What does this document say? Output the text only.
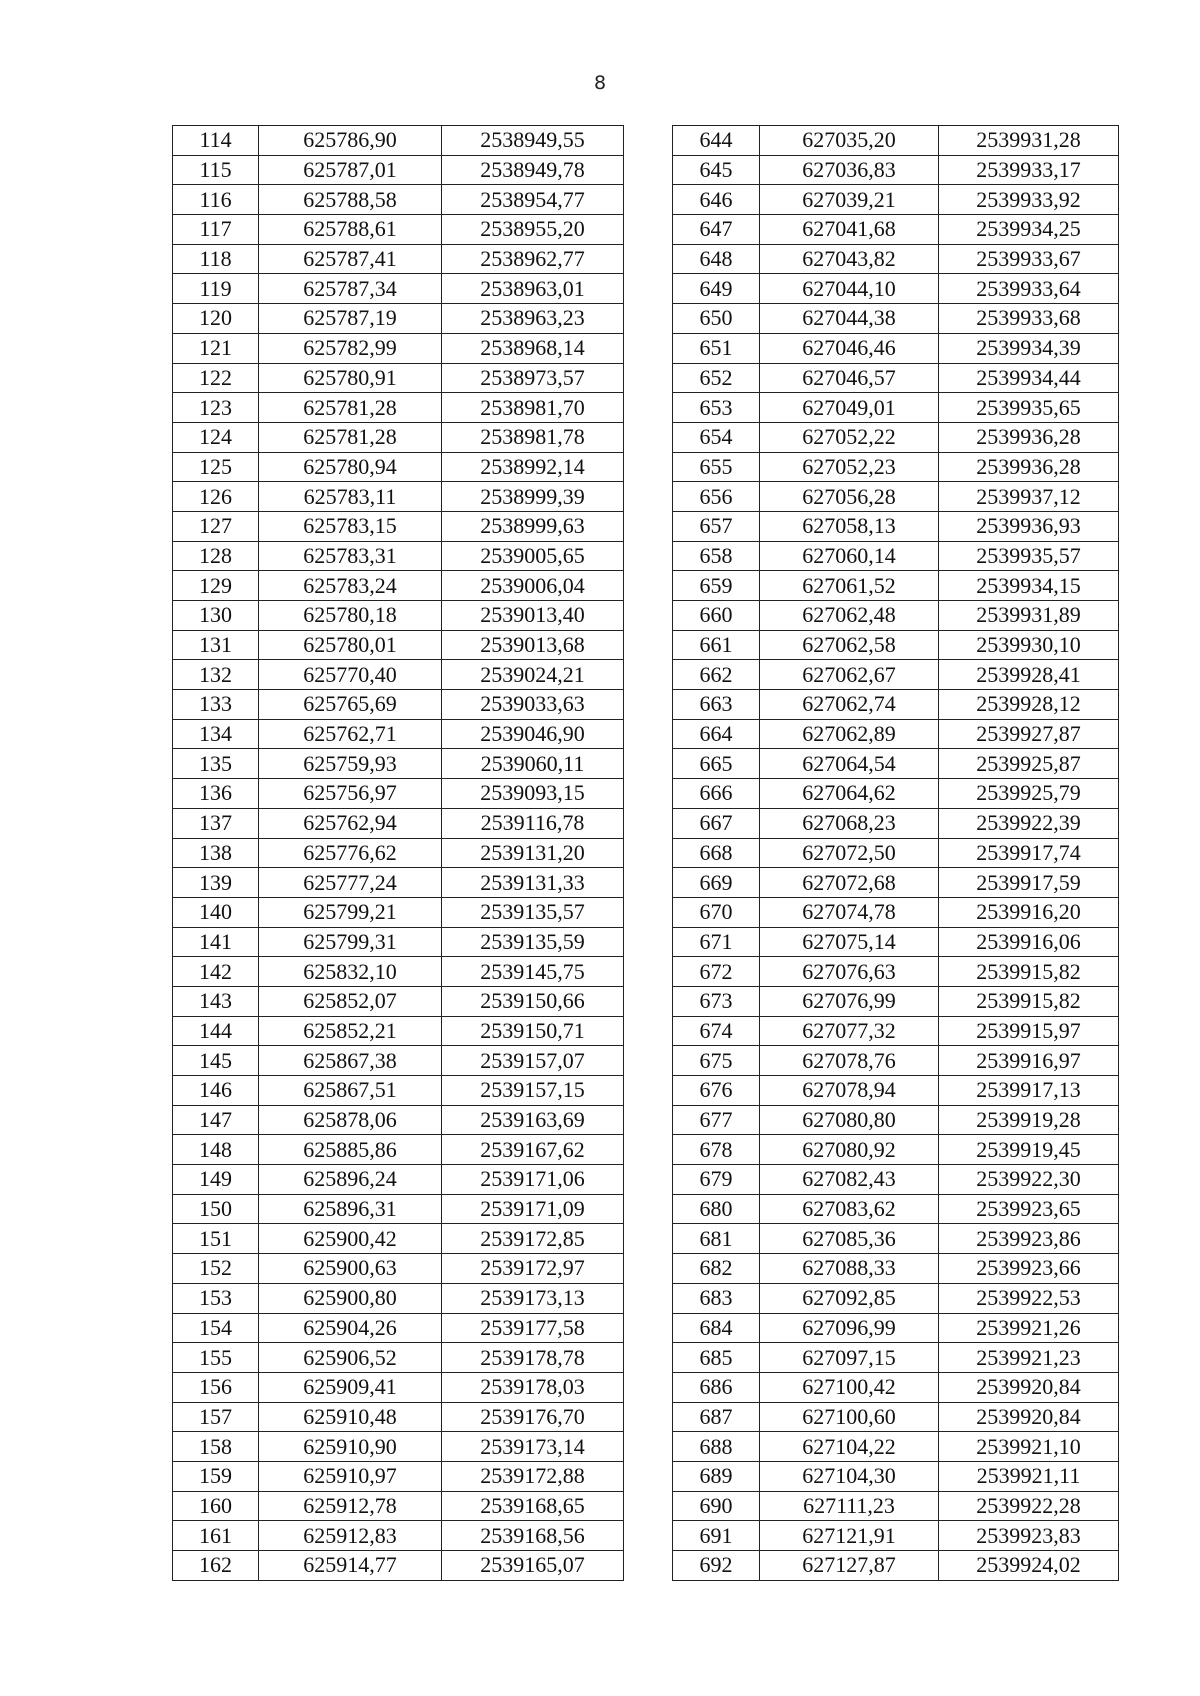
8
114	625786,90	2538949,55		644	627035,20	2539931,28
115	625787,01	2538949,78		645	627036,83	2539933,17
116	625788,58	2538954,77		646	627039,21	2539933,92
117	625788,61	2538955,20		647	627041,68	2539934,25
118	625787,41	2538962,77		648	627043,82	2539933,67
119	625787,34	2538963,01		649	627044,10	2539933,64
120	625787,19	2538963,23		650	627044,38	2539933,68
121	625782,99	2538968,14		651	627046,46	2539934,39
122	625780,91	2538973,57		652	627046,57	2539934,44
123	625781,28	2538981,70		653	627049,01	2539935,65
124	625781,28	2538981,78		654	627052,22	2539936,28
125	625780,94	2538992,14		655	627052,23	2539936,28
126	625783,11	2538999,39		656	627056,28	2539937,12
127	625783,15	2538999,63		657	627058,13	2539936,93
128	625783,31	2539005,65		658	627060,14	2539935,57
129	625783,24	2539006,04		659	627061,52	2539934,15
130	625780,18	2539013,40		660	627062,48	2539931,89
131	625780,01	2539013,68		661	627062,58	2539930,10
132	625770,40	2539024,21		662	627062,67	2539928,41
133	625765,69	2539033,63		663	627062,74	2539928,12
134	625762,71	2539046,90		664	627062,89	2539927,87
135	625759,93	2539060,11		665	627064,54	2539925,87
136	625756,97	2539093,15		666	627064,62	2539925,79
137	625762,94	2539116,78		667	627068,23	2539922,39
138	625776,62	2539131,20		668	627072,50	2539917,74
139	625777,24	2539131,33		669	627072,68	2539917,59
140	625799,21	2539135,57		670	627074,78	2539916,20
141	625799,31	2539135,59		671	627075,14	2539916,06
142	625832,10	2539145,75		672	627076,63	2539915,82
143	625852,07	2539150,66		673	627076,99	2539915,82
144	625852,21	2539150,71		674	627077,32	2539915,97
145	625867,38	2539157,07		675	627078,76	2539916,97
146	625867,51	2539157,15		676	627078,94	2539917,13
147	625878,06	2539163,69		677	627080,80	2539919,28
148	625885,86	2539167,62		678	627080,92	2539919,45
149	625896,24	2539171,06		679	627082,43	2539922,30
150	625896,31	2539171,09		680	627083,62	2539923,65
151	625900,42	2539172,85		681	627085,36	2539923,86
152	625900,63	2539172,97		682	627088,33	2539923,66
153	625900,80	2539173,13		683	627092,85	2539922,53
154	625904,26	2539177,58		684	627096,99	2539921,26
155	625906,52	2539178,78		685	627097,15	2539921,23
156	625909,41	2539178,03		686	627100,42	2539920,84
157	625910,48	2539176,70		687	627100,60	2539920,84
158	625910,90	2539173,14		688	627104,22	2539921,10
159	625910,97	2539172,88		689	627104,30	2539921,11
160	625912,78	2539168,65		690	627111,23	2539922,28
161	625912,83	2539168,56		691	627121,91	2539923,83
162	625914,77	2539165,07		692	627127,87	2539924,02
